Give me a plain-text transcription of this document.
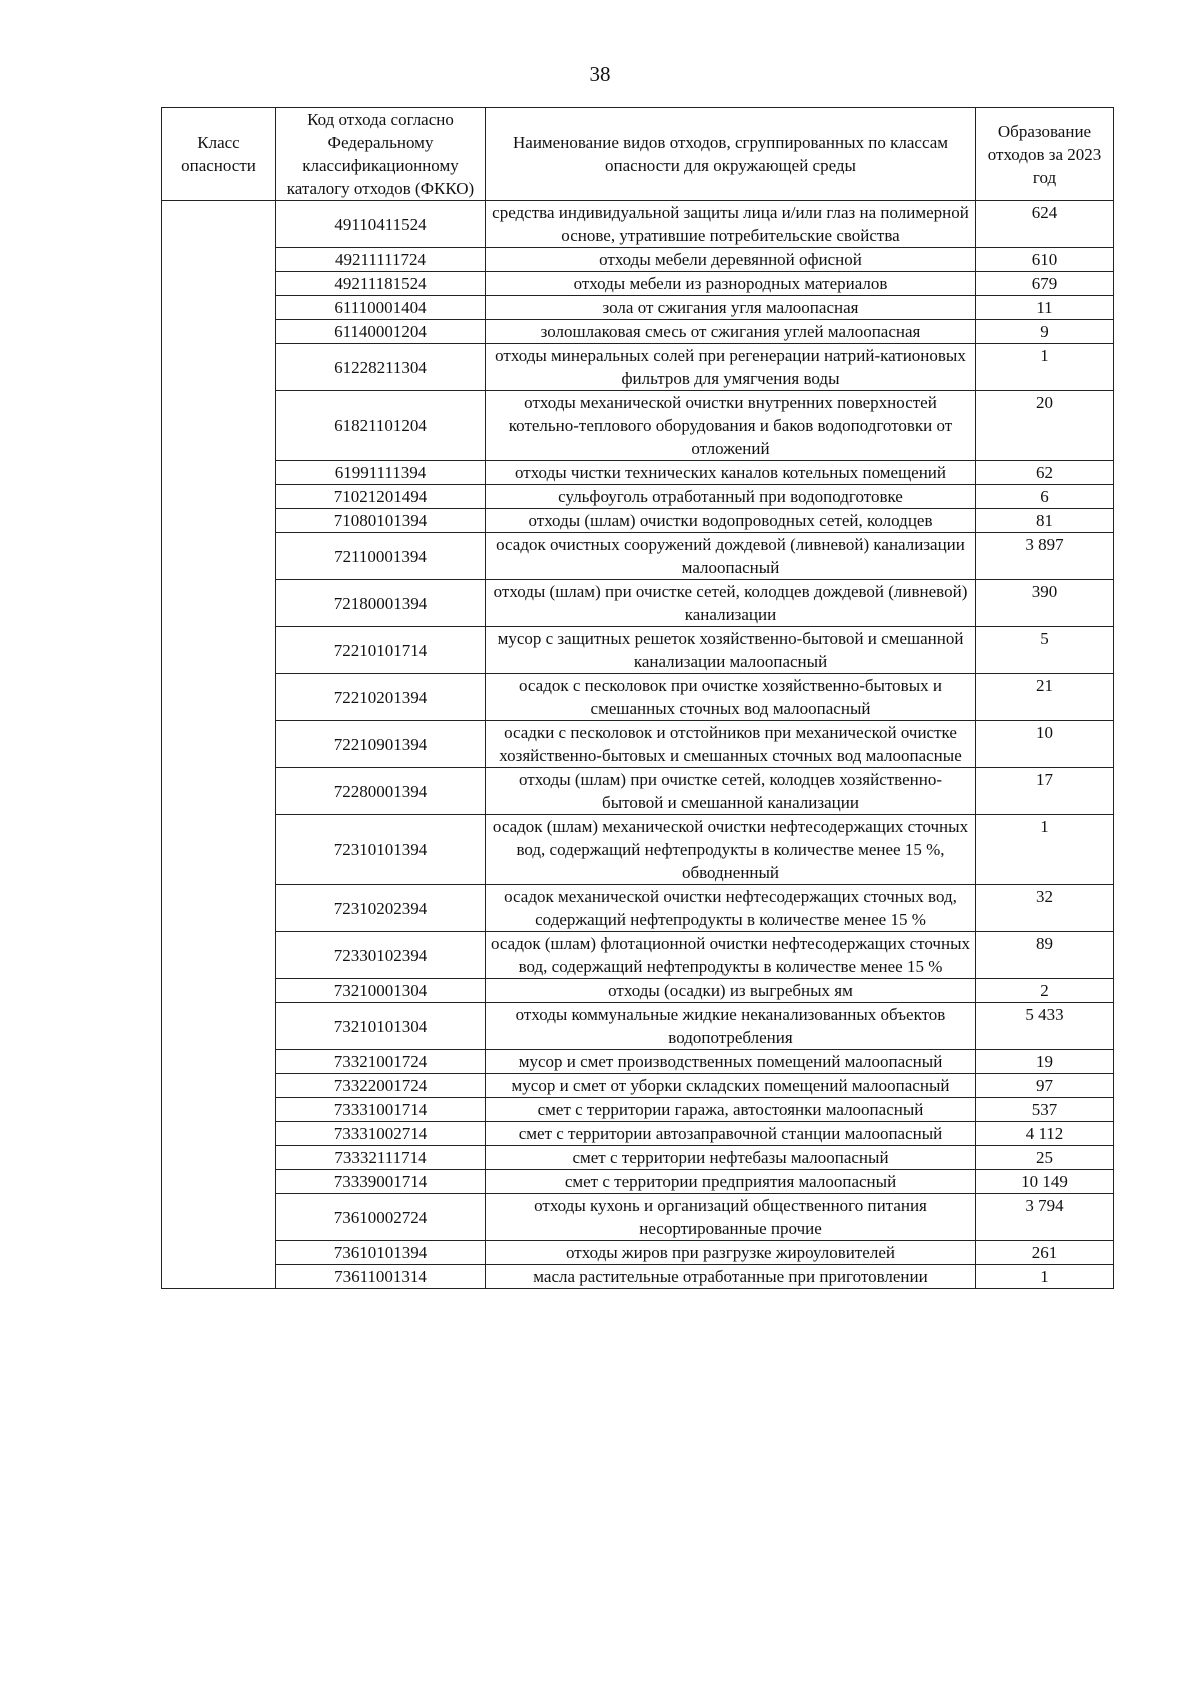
38
Класс опасности	Код отхода согласно Федеральному классификационному каталогу отходов (ФККО)	Наименование видов отходов, сгруппированных по классам опасности для окружающей среды	Образование отходов за 2023 год
	49110411524	средства индивидуальной защиты лица и/или глаз на полимерной основе, утратившие потребительские свойства	624
	49211111724	отходы мебели деревянной офисной	610
	49211181524	отходы мебели из разнородных материалов	679
	61110001404	зола от сжигания угля малоопасная	11
	61140001204	золошлаковая смесь от сжигания углей малоопасная	9
	61228211304	отходы минеральных солей при регенерации натрий-катионовых фильтров для умягчения воды	1
	61821101204	отходы механической очистки внутренних поверхностей котельно-теплового оборудования и баков водоподготовки от отложений	20
	61991111394	отходы чистки технических каналов котельных помещений	62
	71021201494	сульфоуголь отработанный при водоподготовке	6
	71080101394	отходы (шлам) очистки водопроводных сетей, колодцев	81
	72110001394	осадок очистных сооружений дождевой (ливневой) канализации малоопасный	3 897
	72180001394	отходы (шлам) при очистке сетей, колодцев дождевой (ливневой) канализации	390
	72210101714	мусор с защитных решеток хозяйственно-бытовой и смешанной канализации малоопасный	5
	72210201394	осадок с песколовок при очистке хозяйственно-бытовых и смешанных сточных вод малоопасный	21
	72210901394	осадки с песколовок и отстойников при механической очистке хозяйственно-бытовых и смешанных сточных вод малоопасные	10
	72280001394	отходы (шлам) при очистке сетей, колодцев хозяйственно-бытовой и смешанной канализации	17
	72310101394	осадок (шлам) механической очистки нефтесодержащих сточных вод, содержащий нефтепродукты в количестве менее 15 %, обводненный	1
	72310202394	осадок механической очистки нефтесодержащих сточных вод, содержащий нефтепродукты в количестве менее 15 %	32
	72330102394	осадок (шлам) флотационной очистки нефтесодержащих сточных вод, содержащий нефтепродукты в количестве менее 15 %	89
	73210001304	отходы (осадки) из выгребных ям	2
	73210101304	отходы коммунальные жидкие неканализованных объектов водопотребления	5 433
	73321001724	мусор и смет производственных помещений малоопасный	19
	73322001724	мусор и смет от уборки складских помещений малоопасный	97
	73331001714	смет с территории гаража, автостоянки малоопасный	537
	73331002714	смет с территории автозаправочной станции малоопасный	4 112
	73332111714	смет с территории нефтебазы малоопасный	25
	73339001714	смет с территории предприятия малоопасный	10 149
	73610002724	отходы кухонь и организаций общественного питания несортированные прочие	3 794
	73610101394	отходы жиров при разгрузке жироуловителей	261
	73611001314	масла растительные отработанные при приготовлении	1
